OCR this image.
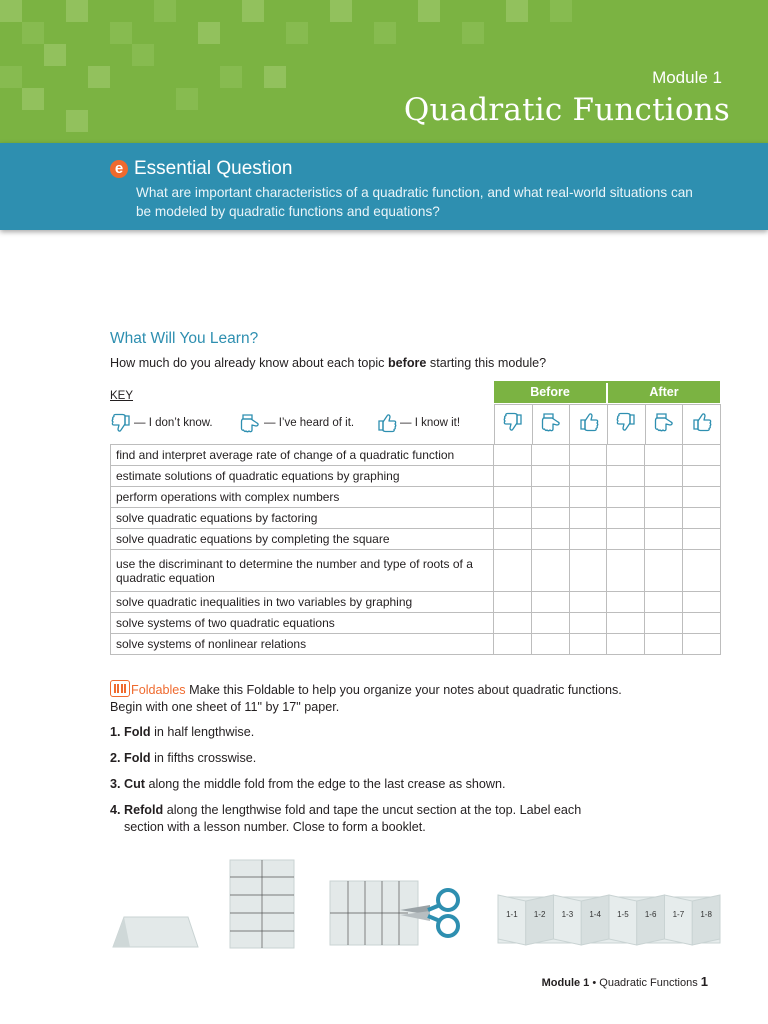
Module 1
Quadratic Functions
e Essential Question
What are important characteristics of a quadratic function, and what real-world situations can be modeled by quadratic functions and equations?
What Will You Learn?
How much do you already know about each topic before starting this module?
KEY
— I don’t know.	— I’ve heard of it.	— I know it!
Before	After

find and interpret average rate of change of a quadratic function						
estimate solutions of quadratic equations by graphing						
perform operations with complex numbers						
solve quadratic equations by factoring						
solve quadratic equations by completing the square						
use the discriminant to determine the number and type of roots of a quadratic equation						
solve quadratic inequalities in two variables by graphing						
solve systems of two quadratic equations						
solve systems of nonlinear relations						
Foldables Make this Foldable to help you organize your notes about quadratic functions. Begin with one sheet of 11" by 17" paper.
1. Fold in half lengthwise.
2. Fold in fifths crosswise.
3. Cut along the middle fold from the edge to the last crease as shown.
4. Refold along the lengthwise fold and tape the uncut section at the top. Label each section with a lesson number. Close to form a booklet.
1-1 1-2 1-3 1-4 1-5 1-6 1-7 1-8
Module 1 • Quadratic Functions 1
